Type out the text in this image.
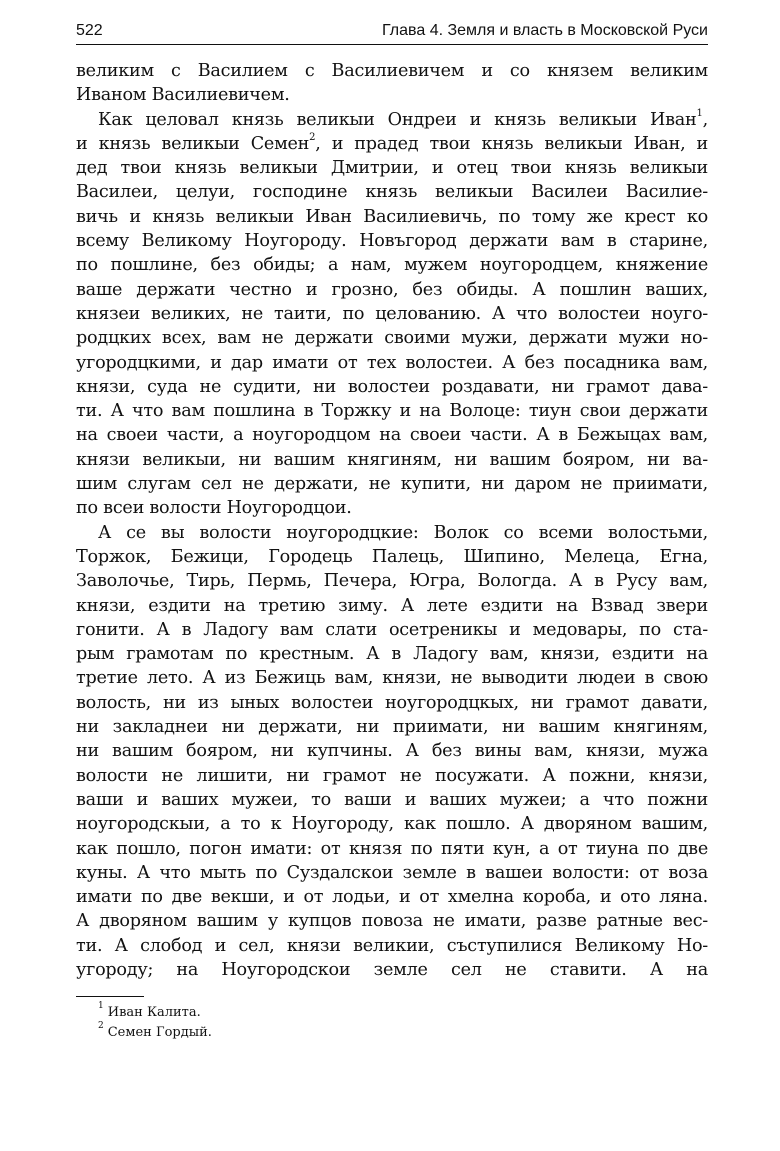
522	Глава 4. Земля и власть в Московской Руси
великим с Василием с Василиевичем и со князем великим
Иваном Василиевичем.
Как целовал князь великыи Ондреи и князь великыи Иван$^1$,
и князь великыи Семен$^2$, и прадед твои князь великыи Иван, и
дед твои князь великыи Дмитрии, и отец твои князь великыи
Василеи, целуи, господине князь великыи Василеи Василие-
вичь и князь великыи Иван Василиевичь, по тому же крест ко
всему Великому Ноугороду. Новъгород держати вам в старине,
по пошлине, без обиды; а нам, мужем ноугородцем, княжение
ваше держати честно и грозно, без обиды. А пошлин ваших,
князеи великих, не таити, по целованию. А что волостеи ноуго-
родцких всех, вам не держати своими мужи, держати мужи но-
угородцкими, и дар имати от тех волостеи. А без посадника вам,
князи, суда не судити, ни волостеи роздавати, ни грамот дава-
ти. А что вам пошлина в Торжку и на Волоце: тиун свои держати
на своеи части, а ноугородцом на своеи части. А в Бежыцах вам,
князи великыи, ни вашим княгиням, ни вашим бояром, ни ва-
шим слугам сел не держати, не купити, ни даром не приимати,
по всеи волости Ноугородцои.
А се вы волости ноугородцкие: Волок со всеми волостьми,
Торжок, Бежици, Городець Палець, Шипино, Мелеца, Егна,
Заволочье, Тирь, Пермь, Печера, Югра, Вологда. А в Русу вам,
князи, ездити на третию зиму. А лете ездити на Взвад звери
гонити. А в Ладогу вам слати осетреникы и медовары, по ста-
рым грамотам по крестным. А в Ладогу вам, князи, ездити на
третие лето. А из Бежиць вам, князи, не выводити людеи в свою
волость, ни из ыных волостеи ноугородцкых, ни грамот давати,
ни закладнеи ни держати, ни приимати, ни вашим княгиням,
ни вашим бояром, ни купчины. А без вины вам, князи, мужа
волости не лишити, ни грамот не посужати. А пожни, князи,
ваши и ваших мужеи, то ваши и ваших мужеи; а что пожни
ноугородскыи, а то к Ноугороду, как пошло. А дворяном вашим,
как пошло, погон имати: от князя по пяти кун, а от тиуна по две
куны. А что мыть по Суздалскои земле в вашеи волости: от воза
имати по две векши, и от лодьи, и от хмелна короба, и ото ляна.
А дворяном вашим у купцов повоза не имати, разве ратные вес-
ти. А слобод и сел, князи великии, съступилися Великому Но-
угороду; на Ноугородскои земле сел не ставити. А на
$^1$ Иван Калита.
$^2$ Семен Гордый.
